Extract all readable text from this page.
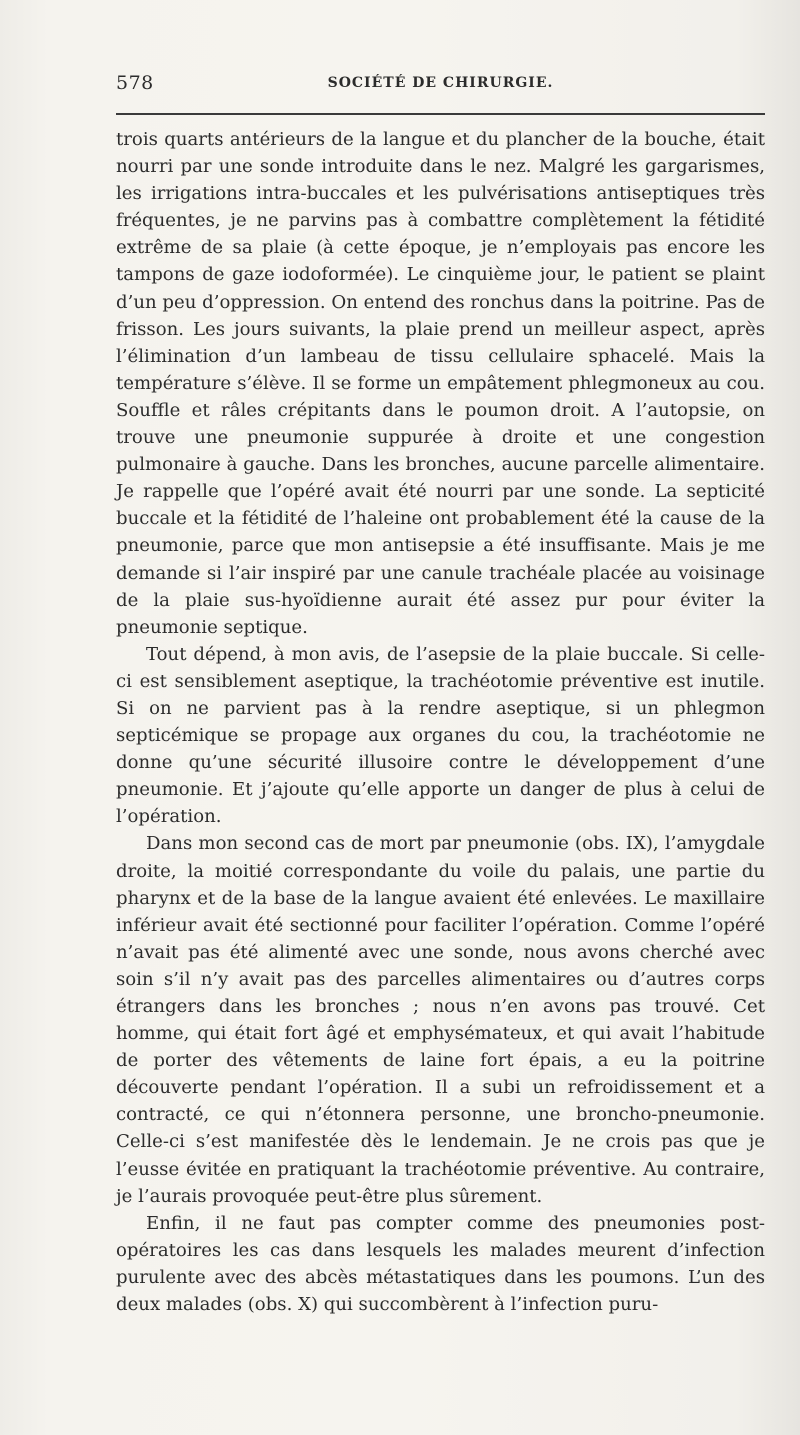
578	SOCIÉTÉ DE CHIRURGIE.

trois quarts antérieurs de la langue et du plancher de la bouche, était nourri par une sonde introduite dans le nez. Malgré les gargarismes, les irrigations intra-buccales et les pulvérisations antiseptiques très fréquentes, je ne parvins pas à combattre complètement la fétidité extrême de sa plaie (à cette époque, je n’employais pas encore les tampons de gaze iodoformée). Le cinquième jour, le patient se plaint d’un peu d’oppression. On entend des ronchus dans la poitrine. Pas de frisson. Les jours suivants, la plaie prend un meilleur aspect, après l’élimination d’un lambeau de tissu cellulaire sphacelé. Mais la température s’élève. Il se forme un empâtement phlegmoneux au cou. Souffle et râles crépitants dans le poumon droit. A l’autopsie, on trouve une pneumonie suppurée à droite et une congestion pulmonaire à gauche. Dans les bronches, aucune parcelle alimentaire. Je rappelle que l’opéré avait été nourri par une sonde. La septicité buccale et la fétidité de l’haleine ont probablement été la cause de la pneumonie, parce que mon antisepsie a été insuffisante. Mais je me demande si l’air inspiré par une canule trachéale placée au voisinage de la plaie sus-hyoïdienne aurait été assez pur pour éviter la pneumonie septique.

Tout dépend, à mon avis, de l’asepsie de la plaie buccale. Si celle-ci est sensiblement aseptique, la trachéotomie préventive est inutile. Si on ne parvient pas à la rendre aseptique, si un phlegmon septicémique se propage aux organes du cou, la trachéotomie ne donne qu’une sécurité illusoire contre le développement d’une pneumonie. Et j’ajoute qu’elle apporte un danger de plus à celui de l’opération.

Dans mon second cas de mort par pneumonie (obs. IX), l’amygdale droite, la moitié correspondante du voile du palais, une partie du pharynx et de la base de la langue avaient été enlevées. Le maxillaire inférieur avait été sectionné pour faciliter l’opération. Comme l’opéré n’avait pas été alimenté avec une sonde, nous avons cherché avec soin s’il n’y avait pas des parcelles alimentaires ou d’autres corps étrangers dans les bronches ; nous n’en avons pas trouvé. Cet homme, qui était fort âgé et emphysémateux, et qui avait l’habitude de porter des vêtements de laine fort épais, a eu la poitrine découverte pendant l’opération. Il a subi un refroidissement et a contracté, ce qui n’étonnera personne, une broncho-pneumonie. Celle-ci s’est manifestée dès le lendemain. Je ne crois pas que je l’eusse évitée en pratiquant la trachéotomie préventive. Au contraire, je l’aurais provoquée peut-être plus sûrement.

Enfin, il ne faut pas compter comme des pneumonies post-opératoires les cas dans lesquels les malades meurent d’infection purulente avec des abcès métastatiques dans les poumons. L’un des deux malades (obs. X) qui succombèrent à l’infection puru-
